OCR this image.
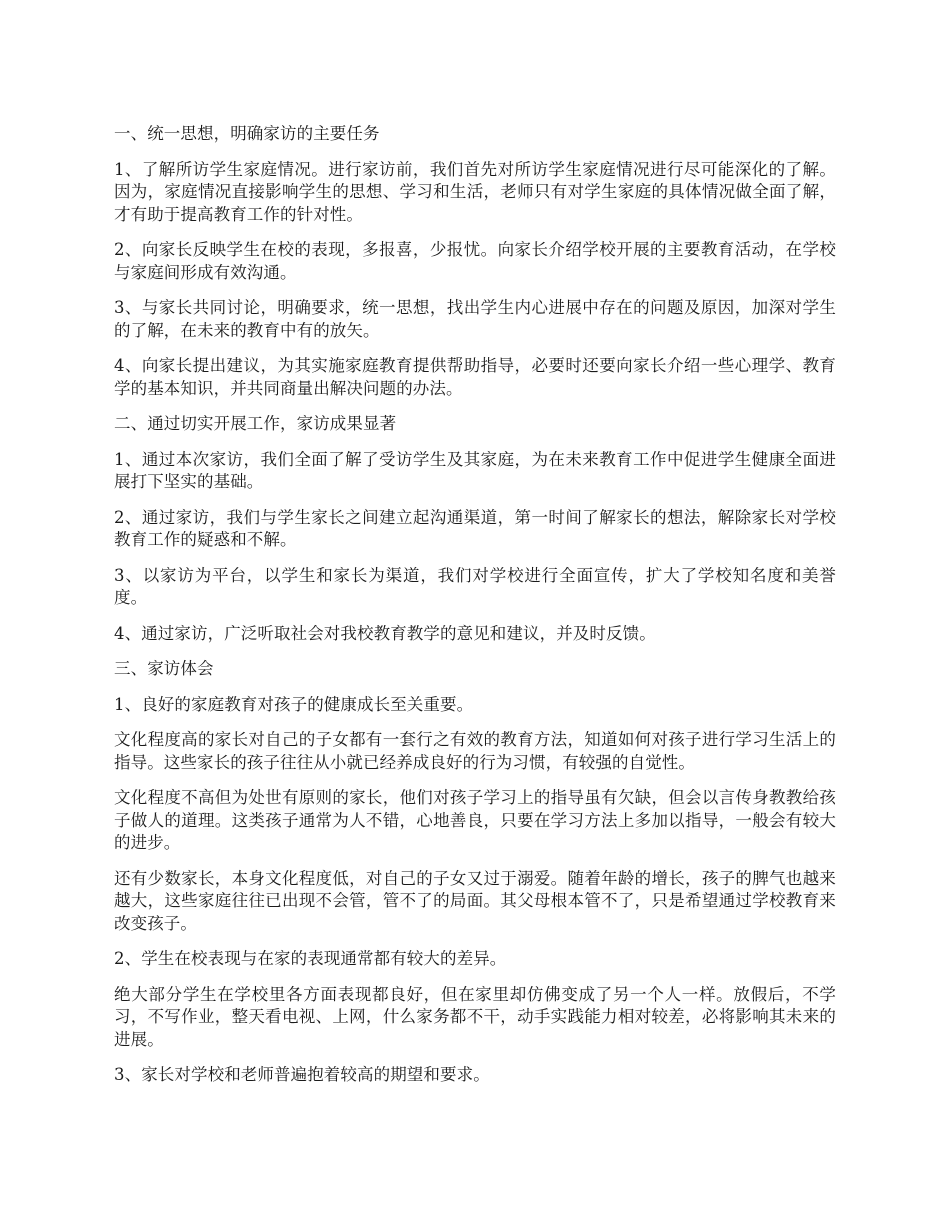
一、统一思想，明确家访的主要任务

1、了解所访学生家庭情况。进行家访前，我们首先对所访学生家庭情况进行尽可能深化的了解。因为，家庭情况直接影响学生的思想、学习和生活，老师只有对学生家庭的具体情况做全面了解，才有助于提高教育工作的针对性。

2、向家长反映学生在校的表现，多报喜，少报忧。向家长介绍学校开展的主要教育活动，在学校与家庭间形成有效沟通。

3、与家长共同讨论，明确要求，统一思想，找出学生内心进展中存在的问题及原因，加深对学生的了解，在未来的教育中有的放矢。

4、向家长提出建议，为其实施家庭教育提供帮助指导，必要时还要向家长介绍一些心理学、教育学的基本知识，并共同商量出解决问题的办法。

二、通过切实开展工作，家访成果显著

1、通过本次家访，我们全面了解了受访学生及其家庭，为在未来教育工作中促进学生健康全面进展打下坚实的基础。

2、通过家访，我们与学生家长之间建立起沟通渠道，第一时间了解家长的想法，解除家长对学校教育工作的疑惑和不解。

3、以家访为平台，以学生和家长为渠道，我们对学校进行全面宣传，扩大了学校知名度和美誉度。

4、通过家访，广泛听取社会对我校教育教学的意见和建议，并及时反馈。

三、家访体会

1、良好的家庭教育对孩子的健康成长至关重要。

文化程度高的家长对自己的子女都有一套行之有效的教育方法，知道如何对孩子进行学习生活上的指导。这些家长的孩子往往从小就已经养成良好的行为习惯，有较强的自觉性。

文化程度不高但为处世有原则的家长，他们对孩子学习上的指导虽有欠缺，但会以言传身教教给孩子做人的道理。这类孩子通常为人不错，心地善良，只要在学习方法上多加以指导，一般会有较大的进步。

还有少数家长，本身文化程度低，对自己的子女又过于溺爱。随着年龄的增长，孩子的脾气也越来越大，这些家庭往往已出现不会管，管不了的局面。其父母根本管不了，只是希望通过学校教育来改变孩子。

2、学生在校表现与在家的表现通常都有较大的差异。

绝大部分学生在学校里各方面表现都良好，但在家里却仿佛变成了另一个人一样。放假后，不学习，不写作业，整天看电视、上网，什么家务都不干，动手实践能力相对较差，必将影响其未来的进展。

3、家长对学校和老师普遍抱着较高的期望和要求。
